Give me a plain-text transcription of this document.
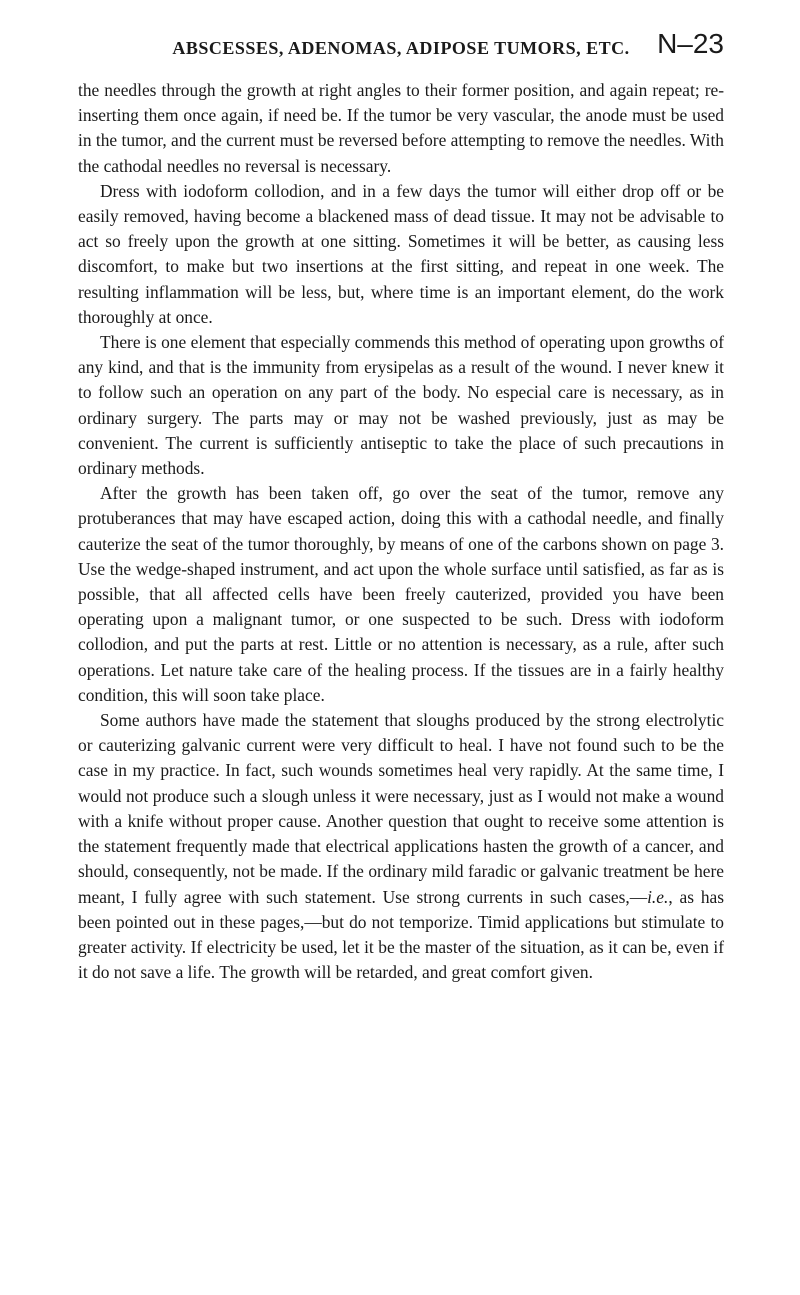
ABSCESSES, ADENOMAS, ADIPOSE TUMORS, ETC. N–23

the needles through the growth at right angles to their former position, and again repeat; re-inserting them once again, if need be. If the tumor be very vascular, the anode must be used in the tumor, and the current must be reversed before attempting to remove the needles. With the cathodal needles no reversal is necessary.

Dress with iodoform collodion, and in a few days the tumor will either drop off or be easily removed, having become a blackened mass of dead tissue. It may not be advisable to act so freely upon the growth at one sitting. Sometimes it will be better, as causing less discomfort, to make but two insertions at the first sitting, and repeat in one week. The resulting inflammation will be less, but, where time is an important element, do the work thoroughly at once.

There is one element that especially commends this method of operating upon growths of any kind, and that is the immunity from erysipelas as a result of the wound. I never knew it to follow such an operation on any part of the body. No especial care is necessary, as in ordinary surgery. The parts may or may not be washed previously, just as may be convenient. The current is sufficiently antiseptic to take the place of such precautions in ordinary methods.

After the growth has been taken off, go over the seat of the tumor, remove any protuberances that may have escaped action, doing this with a cathodal needle, and finally cauterize the seat of the tumor thoroughly, by means of one of the carbons shown on page 3. Use the wedge-shaped instrument, and act upon the whole surface until satisfied, as far as is possible, that all affected cells have been freely cauterized, provided you have been operating upon a malignant tumor, or one suspected to be such. Dress with iodoform collodion, and put the parts at rest. Little or no attention is necessary, as a rule, after such operations. Let nature take care of the healing process. If the tissues are in a fairly healthy condition, this will soon take place.

Some authors have made the statement that sloughs produced by the strong electrolytic or cauterizing galvanic current were very difficult to heal. I have not found such to be the case in my practice. In fact, such wounds sometimes heal very rapidly. At the same time, I would not produce such a slough unless it were necessary, just as I would not make a wound with a knife without proper cause. Another question that ought to receive some attention is the statement frequently made that electrical applications hasten the growth of a cancer, and should, consequently, not be made. If the ordinary mild faradic or galvanic treatment be here meant, I fully agree with such statement. Use strong currents in such cases,—i.e., as has been pointed out in these pages,—but do not temporize. Timid applications but stimulate to greater activity. If electricity be used, let it be the master of the situation, as it can be, even if it do not save a life. The growth will be retarded, and great comfort given.
